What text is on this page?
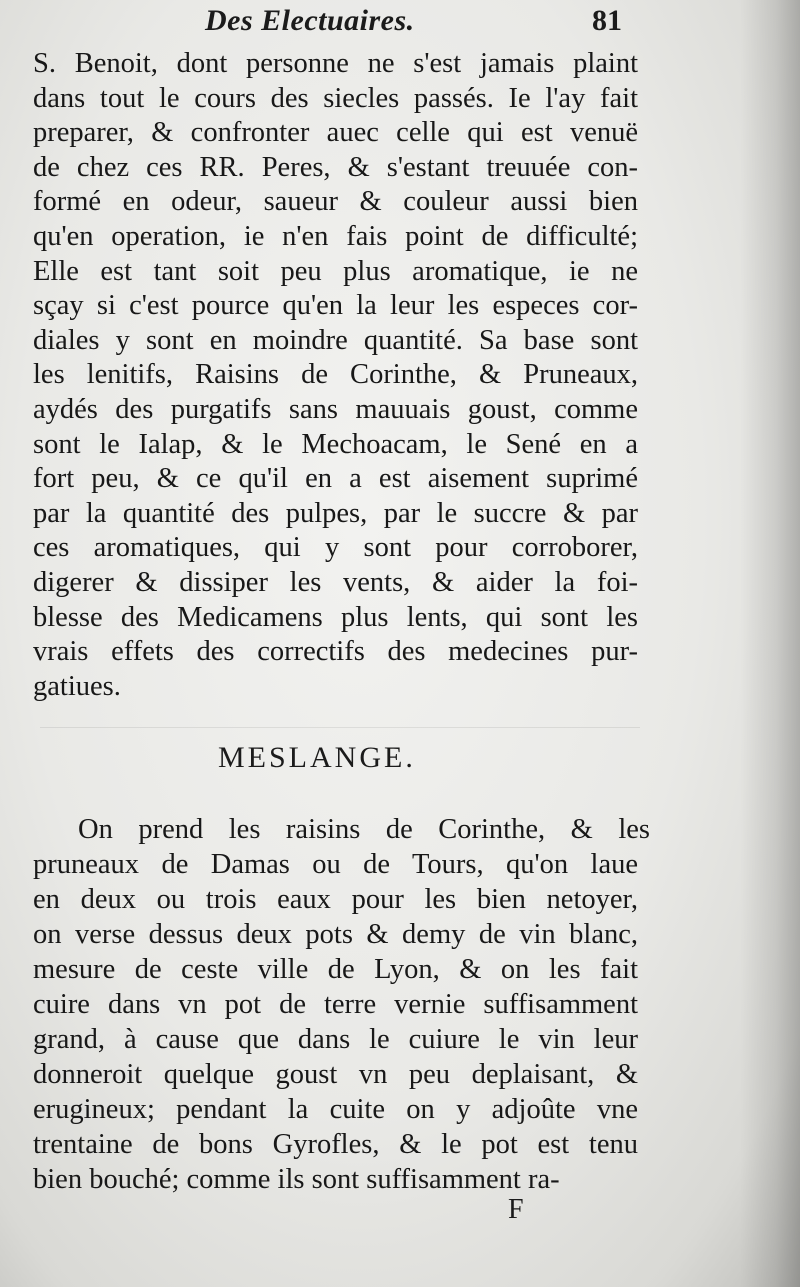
Des Electuaires.	81
S. Benoit, dont personne ne s'est jamais plaint
dans tout le cours des siecles passés. Ie l'ay fait
preparer, & confronter auec celle qui est venuë
de chez ces RR. Peres, & s'estant treuuée con-
formé en odeur, saueur & couleur aussi bien
qu'en operation, ie n'en fais point de difficulté;
Elle est tant soit peu plus aromatique, ie ne
sçay si c'est pource qu'en la leur les especes cor-
diales y sont en moindre quantité. Sa base sont
les lenitifs, Raisins de Corinthe, & Pruneaux,
aydés des purgatifs sans mauuais goust, comme
sont le Ialap, & le Mechoacam, le Sené en a
fort peu, & ce qu'il en a est aisement suprimé
par la quantité des pulpes, par le succre & par
ces aromatiques, qui y sont pour corroborer,
digerer & dissiper les vents, & aider la foi-
blesse des Medicamens plus lents, qui sont les
vrais effets des correctifs des medecines pur-
gatiues.
MESLANGE.
On prend les raisins de Corinthe, & les
pruneaux de Damas ou de Tours, qu'on laue
en deux ou trois eaux pour les bien netoyer,
on verse dessus deux pots & demy de vin blanc,
mesure de ceste ville de Lyon, & on les fait
cuire dans vn pot de terre vernie suffisamment
grand, à cause que dans le cuiure le vin leur
donneroit quelque goust vn peu deplaisant, &
erugineux; pendant la cuite on y adjoûte vne
trentaine de bons Gyrofles, & le pot est tenu
bien bouché; comme ils sont suffisamment ra-
F
